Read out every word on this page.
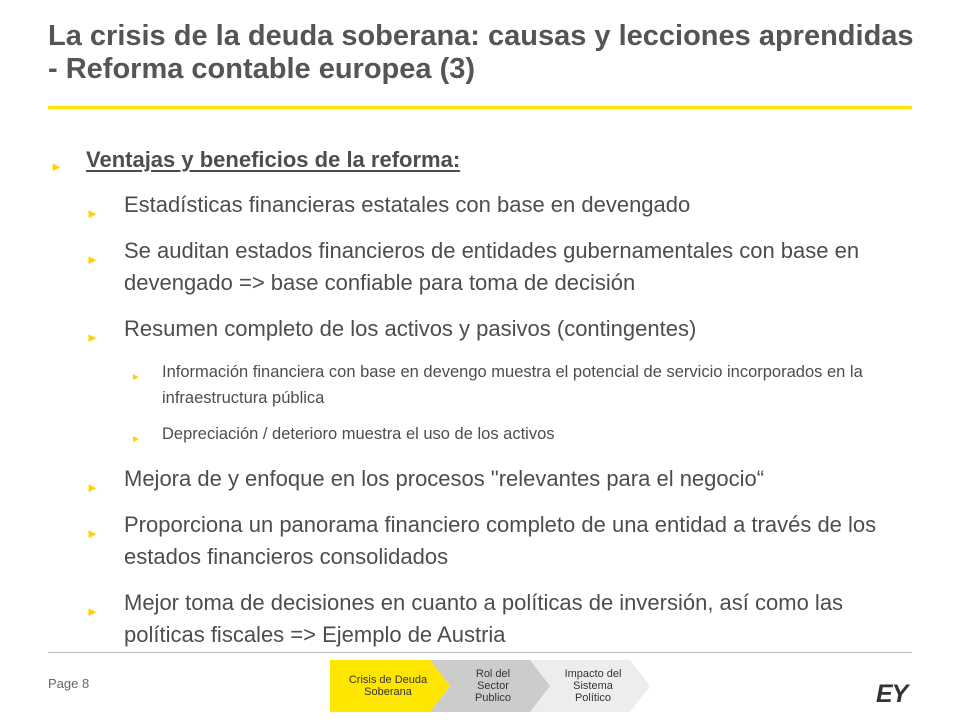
La crisis de la deuda soberana: causas y lecciones aprendidas - Reforma contable europea (3)
► Ventajas y beneficios de la reforma:
► Estadísticas financieras estatales con base en devengado
► Se auditan estados financieros de entidades gubernamentales con base en devengado => base confiable para toma de decisión
► Resumen completo de los activos y pasivos (contingentes)
► Información financiera con base en devengo muestra el potencial de servicio incorporados en la infraestructura pública
► Depreciación / deterioro muestra el uso de los activos
► Mejora de y enfoque en los procesos "relevantes para el negocio“
► Proporciona un panorama financiero completo de una entidad a través de los estados financieros consolidados
► Mejor toma de decisiones en cuanto a políticas de inversión, así como las políticas fiscales => Ejemplo de Austria
Page 8	Crisis de Deuda Soberana
Rol del Sector Publico
Impacto del Sistema Político	EY
